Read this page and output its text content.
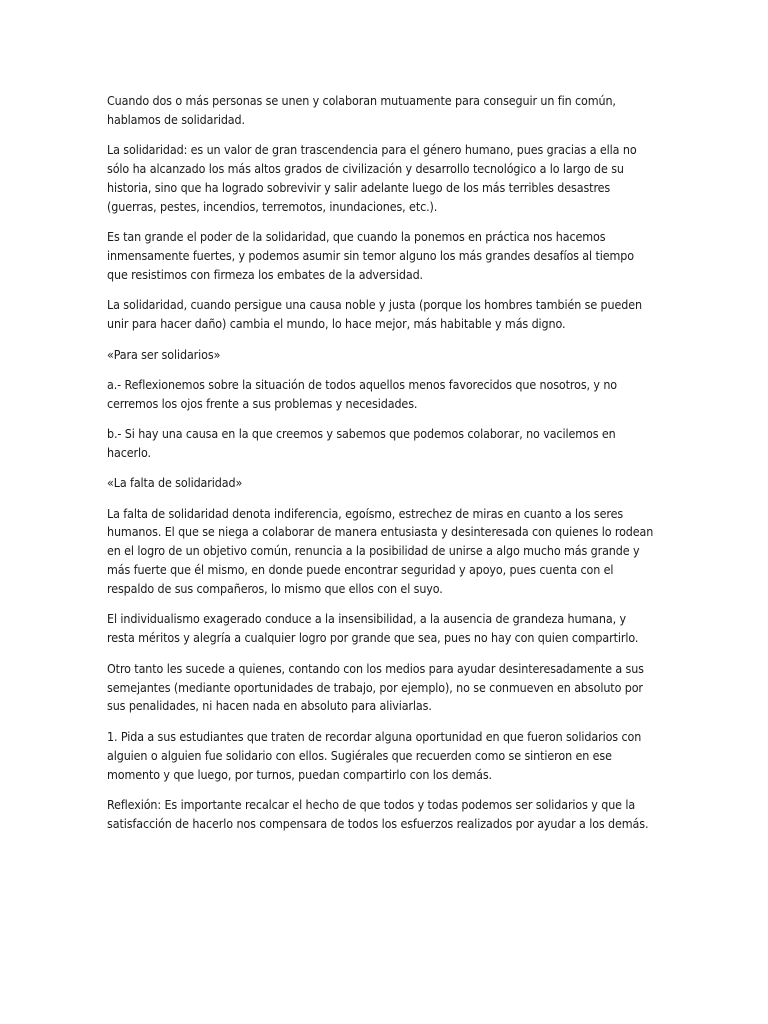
Cuando dos o más personas se unen y colaboran mutuamente para conseguir un fin común, hablamos de solidaridad.

La solidaridad: es un valor de gran trascendencia para el género humano, pues gracias a ella no sólo ha alcanzado los más altos grados de civilización y desarrollo tecnológico a lo largo de su historia, sino que ha logrado sobrevivir y salir adelante luego de los más terribles desastres (guerras, pestes, incendios, terremotos, inundaciones, etc.).

Es tan grande el poder de la solidaridad, que cuando la ponemos en práctica nos hacemos inmensamente fuertes, y podemos asumir sin temor alguno los más grandes desafíos al tiempo que resistimos con firmeza los embates de la adversidad.

La solidaridad, cuando persigue una causa noble y justa (porque los hombres también se pueden unir para hacer daño) cambia el mundo, lo hace mejor, más habitable y más digno.

«Para ser solidarios»

a.- Reflexionemos sobre la situación de todos aquellos menos favorecidos que nosotros, y no cerremos los ojos frente a sus problemas y necesidades.

b.- Si hay una causa en la que creemos y sabemos que podemos colaborar, no vacilemos en hacerlo.

«La falta de solidaridad»

La falta de solidaridad denota indiferencia, egoísmo, estrechez de miras en cuanto a los seres humanos. El que se niega a colaborar de manera entusiasta y desinteresada con quienes lo rodean en el logro de un objetivo común, renuncia a la posibilidad de unirse a algo mucho más grande y más fuerte que él mismo, en donde puede encontrar seguridad y apoyo, pues cuenta con el respaldo de sus compañeros, lo mismo que ellos con el suyo.

El individualismo exagerado conduce a la insensibilidad, a la ausencia de grandeza humana, y resta méritos y alegría a cualquier logro por grande que sea, pues no hay con quien compartirlo.

Otro tanto les sucede a quienes, contando con los medios para ayudar desinteresadamente a sus semejantes (mediante oportunidades de trabajo, por ejemplo), no se conmueven en absoluto por sus penalidades, ni hacen nada en absoluto para aliviarlas.

1. Pida a sus estudiantes que traten de recordar alguna oportunidad en que fueron solidarios con alguien o alguien fue solidario con ellos. Sugiérales que recuerden como se sintieron en ese momento y que luego, por turnos, puedan compartirlo con los demás.

Reflexión: Es importante recalcar el hecho de que todos y todas podemos ser solidarios y que la satisfacción de hacerlo nos compensara de todos los esfuerzos realizados por ayudar a los demás.
